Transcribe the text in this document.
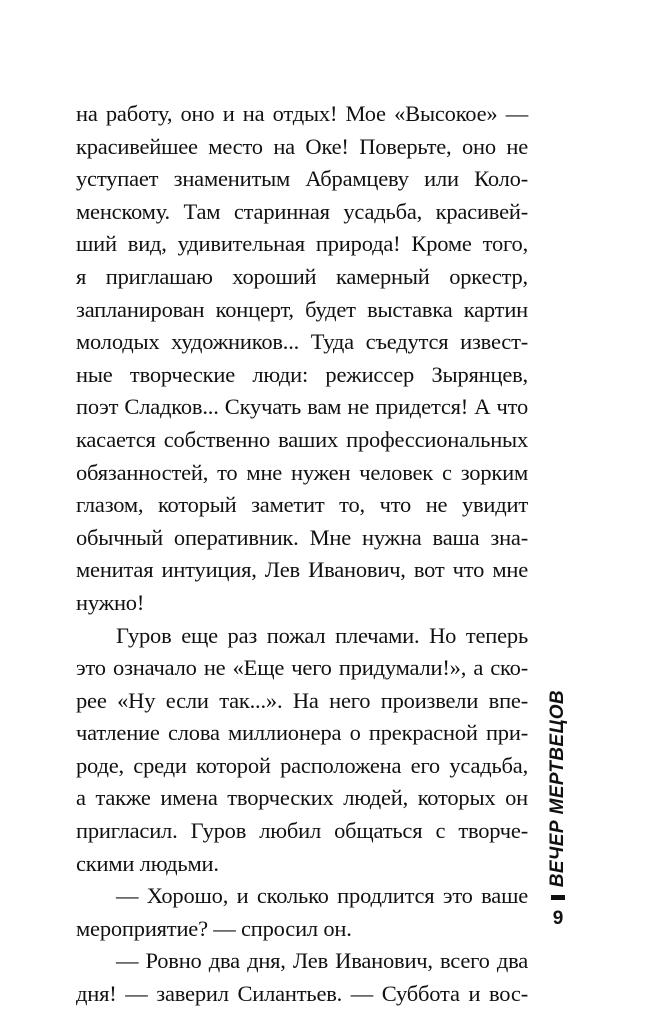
на работу, оно и на отдых! Мое «Высокое» —
красивейшее место на Оке! Поверьте, оно не
уступает знаменитым Абрамцеву или Коло-
менскому. Там старинная усадьба, красивей-
ший вид, удивительная природа! Кроме того,
я приглашаю хороший камерный оркестр,
запланирован концерт, будет выставка картин
молодых художников... Туда съедутся извест-
ные творческие люди: режиссер Зырянцев,
поэт Сладков... Скучать вам не придется! А что
касается собственно ваших профессиональных
обязанностей, то мне нужен человек с зорким
глазом, который заметит то, что не увидит
обычный оперативник. Мне нужна ваша зна-
менитая интуиция, Лев Иванович, вот что мне
нужно!
Гуров еще раз пожал плечами. Но теперь
это означало не «Еще чего придумали!», а ско-
рее «Ну если так...». На него произвели впе-
чатление слова миллионера о прекрасной при-
роде, среди которой расположена его усадьба,
а также имена творческих людей, которых он
пригласил. Гуров любил общаться с творче-
скими людьми.
— Хорошо, и сколько продлится это ваше
мероприятие? — спросил он.
— Ровно два дня, Лев Иванович, всего два
дня! — заверил Силантьев. — Суббота и вос-
ВЕЧЕР МЕРТВЕЦОВ
9
